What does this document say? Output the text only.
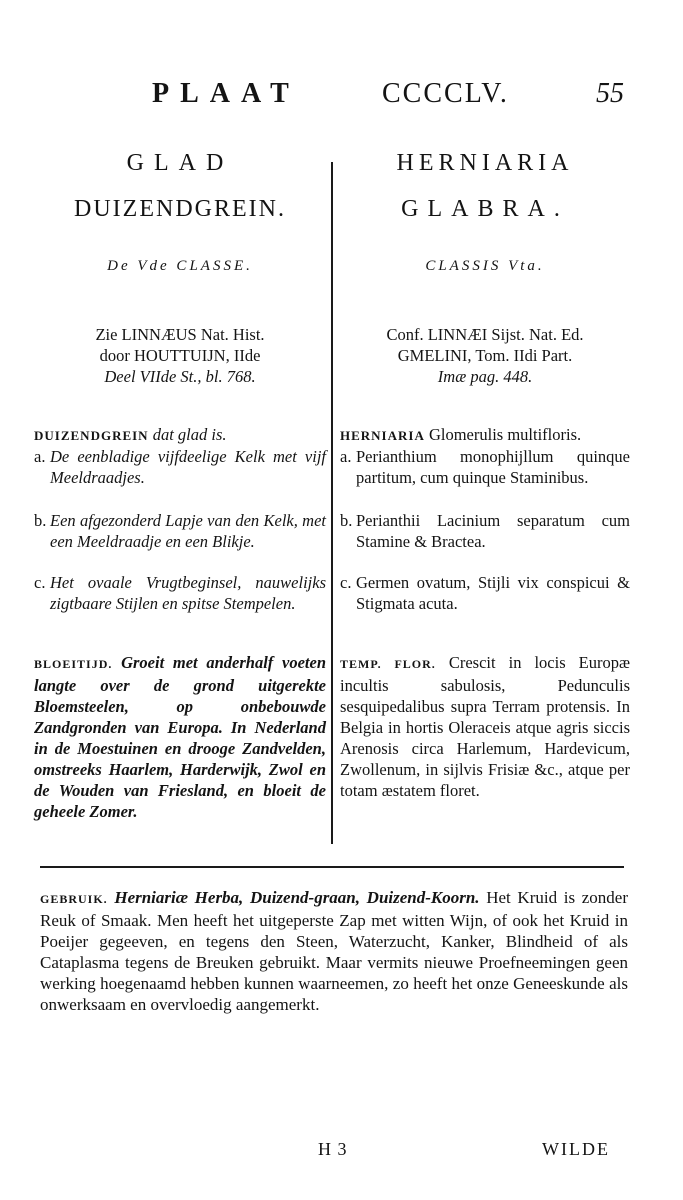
PLAAT	CCCCLV.	55
GLAD
DUIZENDGREIN.
De Vde CLASSE.
Zie LINNÆUS Nat. Hist.
door HOUTTUIJN, IIde
Deel VIIde St., bl. 768.
DUIZENDGREIN dat glad is.
a. De eenbladige vijfdeelige Kelk met vijf Meeldraadjes.
b. Een afgezonderd Lapje van den Kelk, met een Meeldraadje en een Blikje.
c. Het ovaale Vrugtbeginsel, nauwelijks zigtbaare Stijlen en spitse Stempelen.
BLOEITIJD. Groeit met anderhalf voeten langte over de grond uitgerekte Bloemsteelen, op onbebouwde Zandgronden van Europa. In Nederland in de Moestuinen en drooge Zandvelden, omstreeks Haarlem, Harderwijk, Zwol en de Wouden van Friesland, en bloeit de geheele Zomer.
HERNIARIA
GLABRA.
CLASSIS Vta.
Conf. LINNÆI Sijst. Nat. Ed.
GMELINI, Tom. IIdi Part.
Imæ pag. 448.
HERNIARIA Glomerulis multifloris.
a. Perianthium monophijllum quinque partitum, cum quinque Staminibus.
b. Perianthii Lacinium separatum cum Stamine & Bractea.
c. Germen ovatum, Stijli vix conspicui & Stigmata acuta.
TEMP. FLOR. Crescit in locis Europæ incultis sabulosis, Pedunculis sesquipedalibus supra Terram protensis. In Belgia in hortis Oleraceis atque agris siccis Arenosis circa Harlemum, Hardevicum, Zwollenum, in sijlvis Frisiæ &c., atque per totam æstatem floret.
GEBRUIK. Herniariæ Herba, Duizend-graan, Duizend-Koorn. Het Kruid is zonder Reuk of Smaak. Men heeft het uitgeperste Zap met witten Wijn, of ook het Kruid in Poeijer gegeeven, en tegens den Steen, Waterzucht, Kanker, Blindheid of als Cataplasma tegens de Breuken gebruikt. Maar vermits nieuwe Proefneemingen geen werking hoegenaamd hebben kunnen waarneemen, zo heeft het onze Geneeskunde als onwerksaam en overvloedig aangemerkt.
H 3	WILDE
